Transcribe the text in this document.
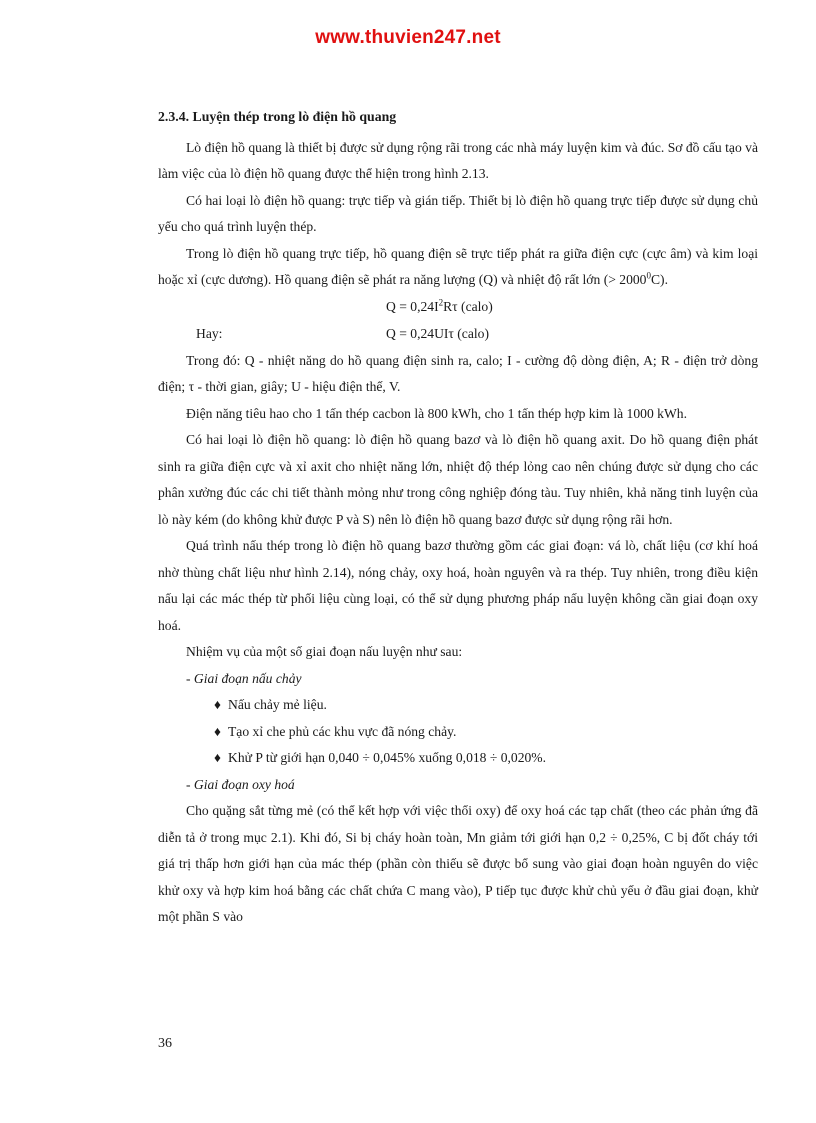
www.thuvien247.net
2.3.4. Luyện thép trong lò điện hồ quang

Lò điện hồ quang là thiết bị được sử dụng rộng rãi trong các nhà máy luyện kim và đúc. Sơ đồ cấu tạo và làm việc của lò điện hồ quang được thể hiện trong hình 2.13.

Có hai loại lò điện hồ quang: trực tiếp và gián tiếp. Thiết bị lò điện hồ quang trực tiếp được sử dụng chủ yếu cho quá trình luyện thép.

Trong lò điện hồ quang trực tiếp, hồ quang điện sẽ trực tiếp phát ra giữa điện cực (cực âm) và kim loại hoặc xỉ (cực dương). Hồ quang điện sẽ phát ra năng lượng (Q) và nhiệt độ rất lớn (> $2000^0C$).

$Q = 0,24I^2R\tau$ (calo)
Hay:	Q = 0,24UIτ (calo)

Trong đó: Q - nhiệt năng do hồ quang điện sinh ra, calo; I - cường độ dòng điện, A; R - điện trở dòng điện; τ - thời gian, giây; U - hiệu điện thế, V.

Điện năng tiêu hao cho 1 tấn thép cacbon là 800 kWh, cho 1 tấn thép hợp kim là 1000 kWh.

Có hai loại lò điện hồ quang: lò điện hồ quang bazơ và lò điện hồ quang axit. Do hồ quang điện phát sinh ra giữa điện cực và xỉ axit cho nhiệt năng lớn, nhiệt độ thép lỏng cao nên chúng được sử dụng cho các phân xưởng đúc các chi tiết thành mỏng như trong công nghiệp đóng tàu. Tuy nhiên, khả năng tinh luyện của lò này kém (do không khử được P và S) nên lò điện hồ quang bazơ được sử dụng rộng rãi hơn.

Quá trình nấu thép trong lò điện hồ quang bazơ thường gồm các giai đoạn: vá lò, chất liệu (cơ khí hoá nhờ thùng chất liệu như hình 2.14), nóng chảy, oxy hoá, hoàn nguyên và ra thép. Tuy nhiên, trong điều kiện nấu lại các mác thép từ phối liệu cùng loại, có thể sử dụng phương pháp nấu luyện không cần giai đoạn oxy hoá.

Nhiệm vụ của một số giai đoạn nấu luyện như sau:

- Giai đoạn nấu chảy
♦ Nấu chảy mẻ liệu.
♦ Tạo xỉ che phủ các khu vực đã nóng chảy.
♦ Khử P từ giới hạn 0,040 ÷ 0,045% xuống 0,018 ÷ 0,020%.
- Giai đoạn oxy hoá

Cho quặng sắt từng mẻ (có thể kết hợp với việc thổi oxy) để oxy hoá các tạp chất (theo các phản ứng đã diễn tả ở trong mục 2.1). Khi đó, Si bị cháy hoàn toàn, Mn giảm tới giới hạn 0,2 ÷ 0,25%, C bị đốt cháy tới giá trị thấp hơn giới hạn của mác thép (phần còn thiếu sẽ được bổ sung vào giai đoạn hoàn nguyên do việc khử oxy và hợp kim hoá bằng các chất chứa C mang vào), P tiếp tục được khử chủ yếu ở đầu giai đoạn, khử một phần S vào

36
